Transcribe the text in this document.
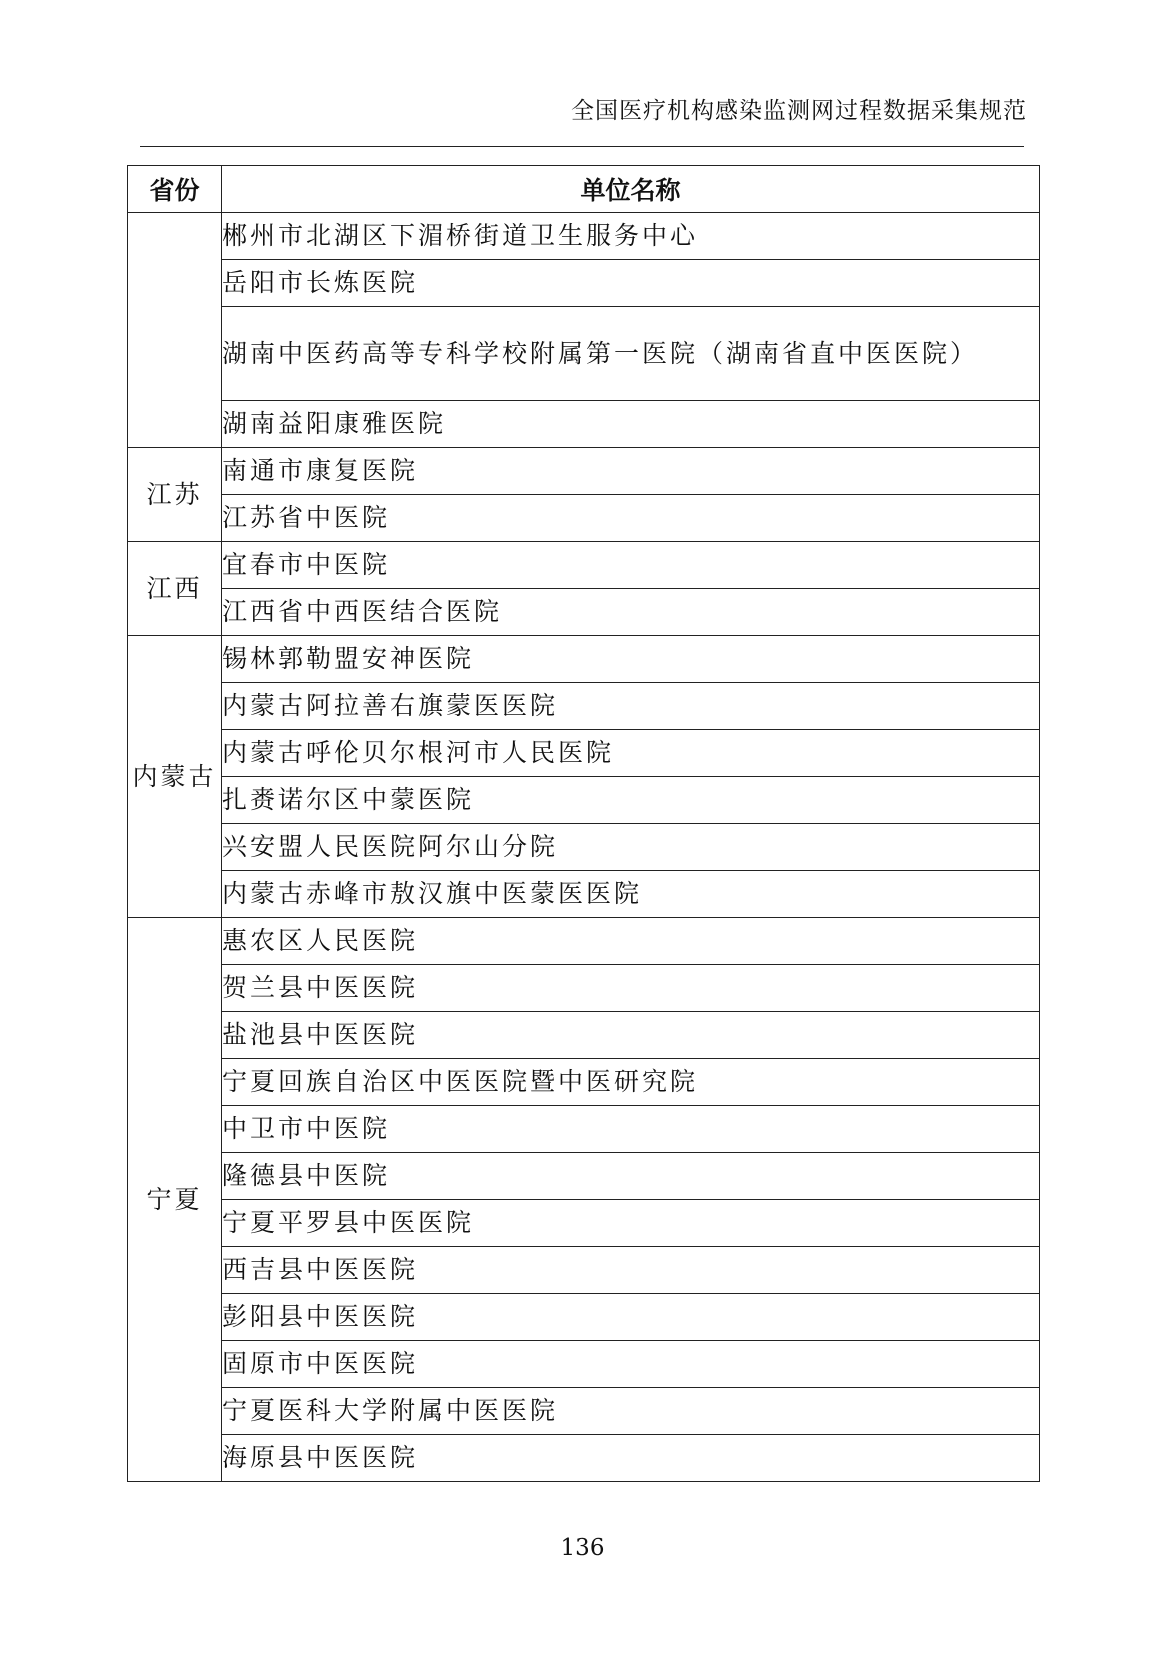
全国医疗机构感染监测网过程数据采集规范
省份	单位名称
	郴州市北湖区下湄桥街道卫生服务中心
	岳阳市长炼医院
	湖南中医药高等专科学校附属第一医院（湖南省直中医医院）
	湖南益阳康雅医院
江苏	南通市康复医院
	江苏省中医院
江西	宜春市中医院
	江西省中西医结合医院
内蒙古	锡林郭勒盟安神医院
	内蒙古阿拉善右旗蒙医医院
	内蒙古呼伦贝尔根河市人民医院
	扎赉诺尔区中蒙医院
	兴安盟人民医院阿尔山分院
	内蒙古赤峰市敖汉旗中医蒙医医院
宁夏	惠农区人民医院
	贺兰县中医医院
	盐池县中医医院
	宁夏回族自治区中医医院暨中医研究院
	中卫市中医院
	隆德县中医院
	宁夏平罗县中医医院
	西吉县中医医院
	彭阳县中医医院
	固原市中医医院
	宁夏医科大学附属中医医院
	海原县中医医院
136
